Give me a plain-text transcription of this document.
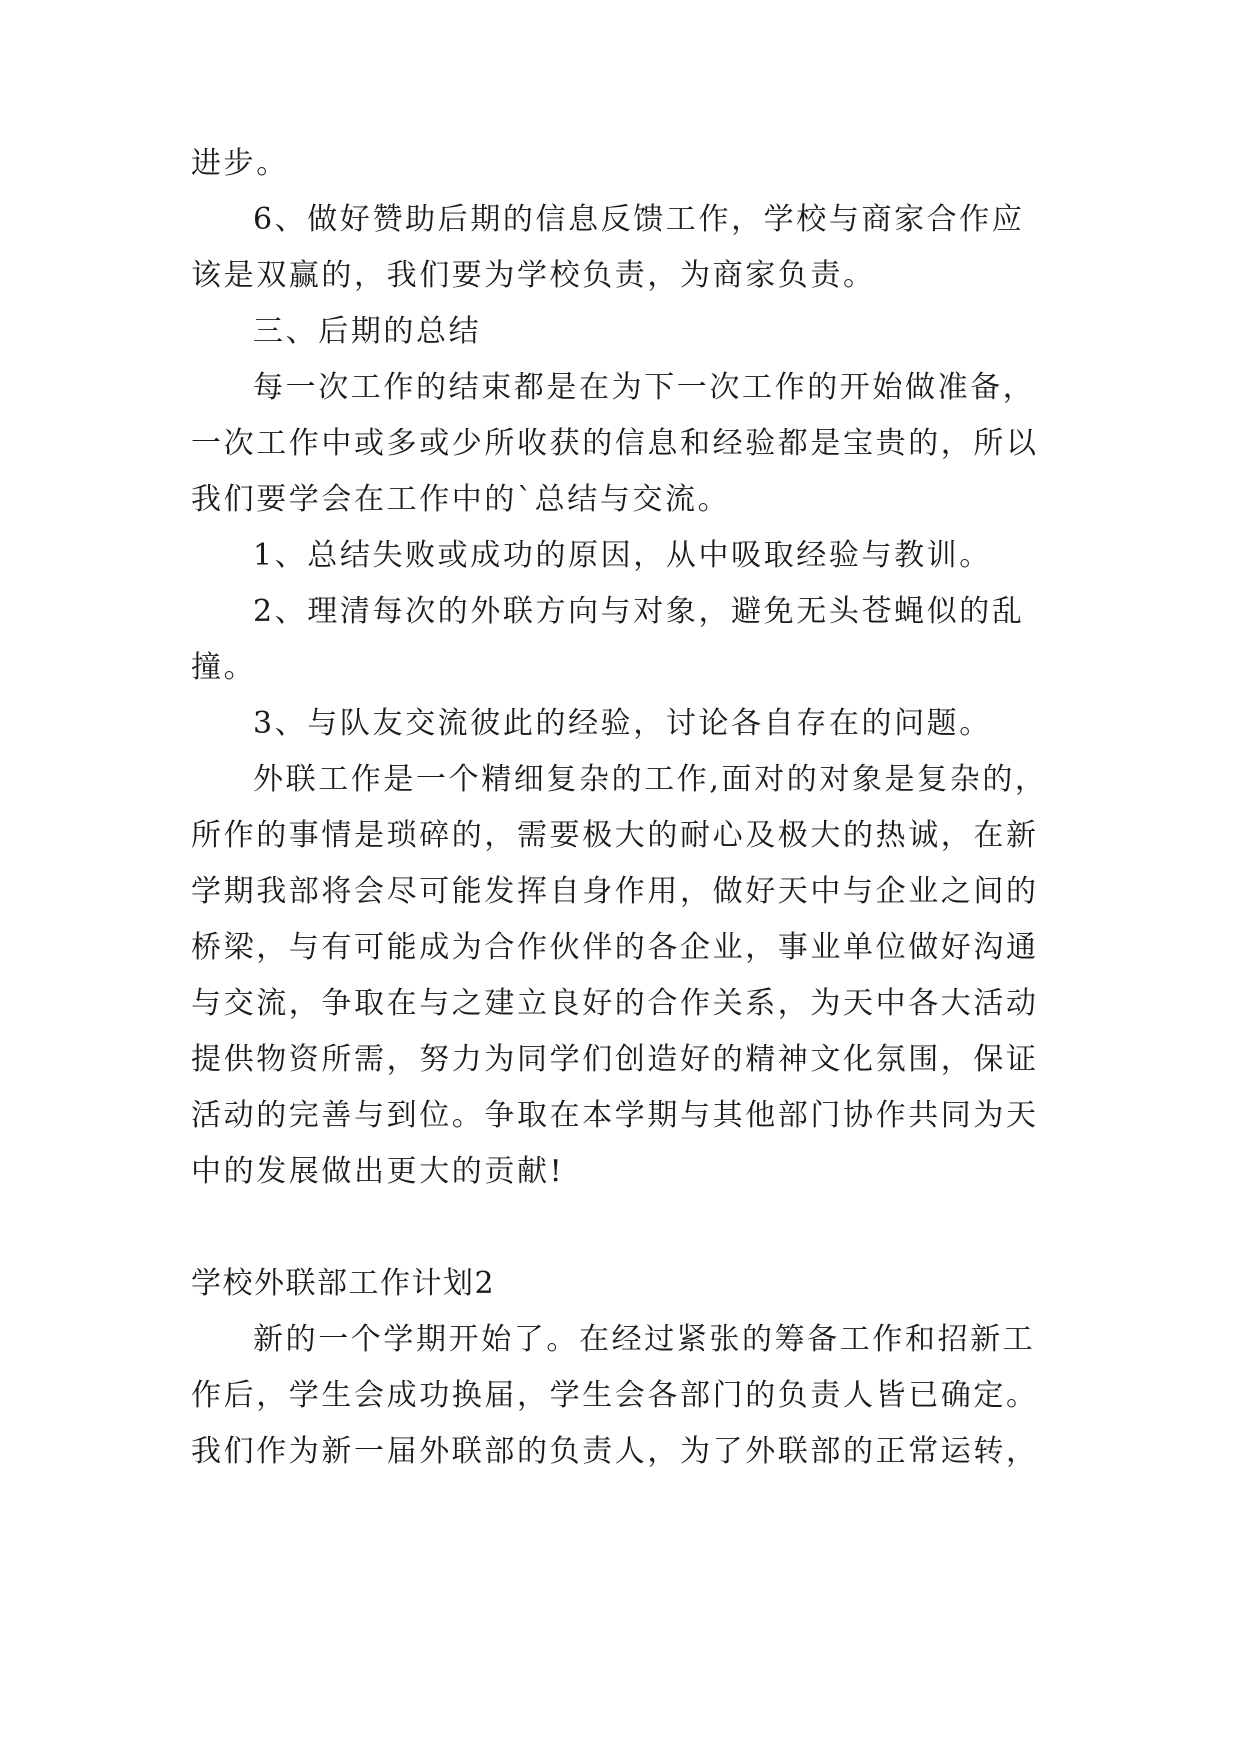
进步。

6、做好赞助后期的信息反馈工作，学校与商家合作应

该是双赢的，我们要为学校负责，为商家负责。

三、后期的总结

每一次工作的结束都是在为下一次工作的开始做准备，

一次工作中或多或少所收获的信息和经验都是宝贵的，所以

我们要学会在工作中的`总结与交流。

1、总结失败或成功的原因，从中吸取经验与教训。

2、理清每次的外联方向与对象，避免无头苍蝇似的乱

撞。

3、与队友交流彼此的经验，讨论各自存在的问题。

外联工作是一个精细复杂的工作,面对的对象是复杂的，

所作的事情是琐碎的，需要极大的耐心及极大的热诚，在新

学期我部将会尽可能发挥自身作用，做好天中与企业之间的

桥梁，与有可能成为合作伙伴的各企业，事业单位做好沟通

与交流，争取在与之建立良好的合作关系，为天中各大活动

提供物资所需，努力为同学们创造好的精神文化氛围，保证

活动的完善与到位。争取在本学期与其他部门协作共同为天

中的发展做出更大的贡献!

学校外联部工作计划2

新的一个学期开始了。在经过紧张的筹备工作和招新工

作后，学生会成功换届，学生会各部门的负责人皆已确定。

我们作为新一届外联部的负责人，为了外联部的正常运转，
